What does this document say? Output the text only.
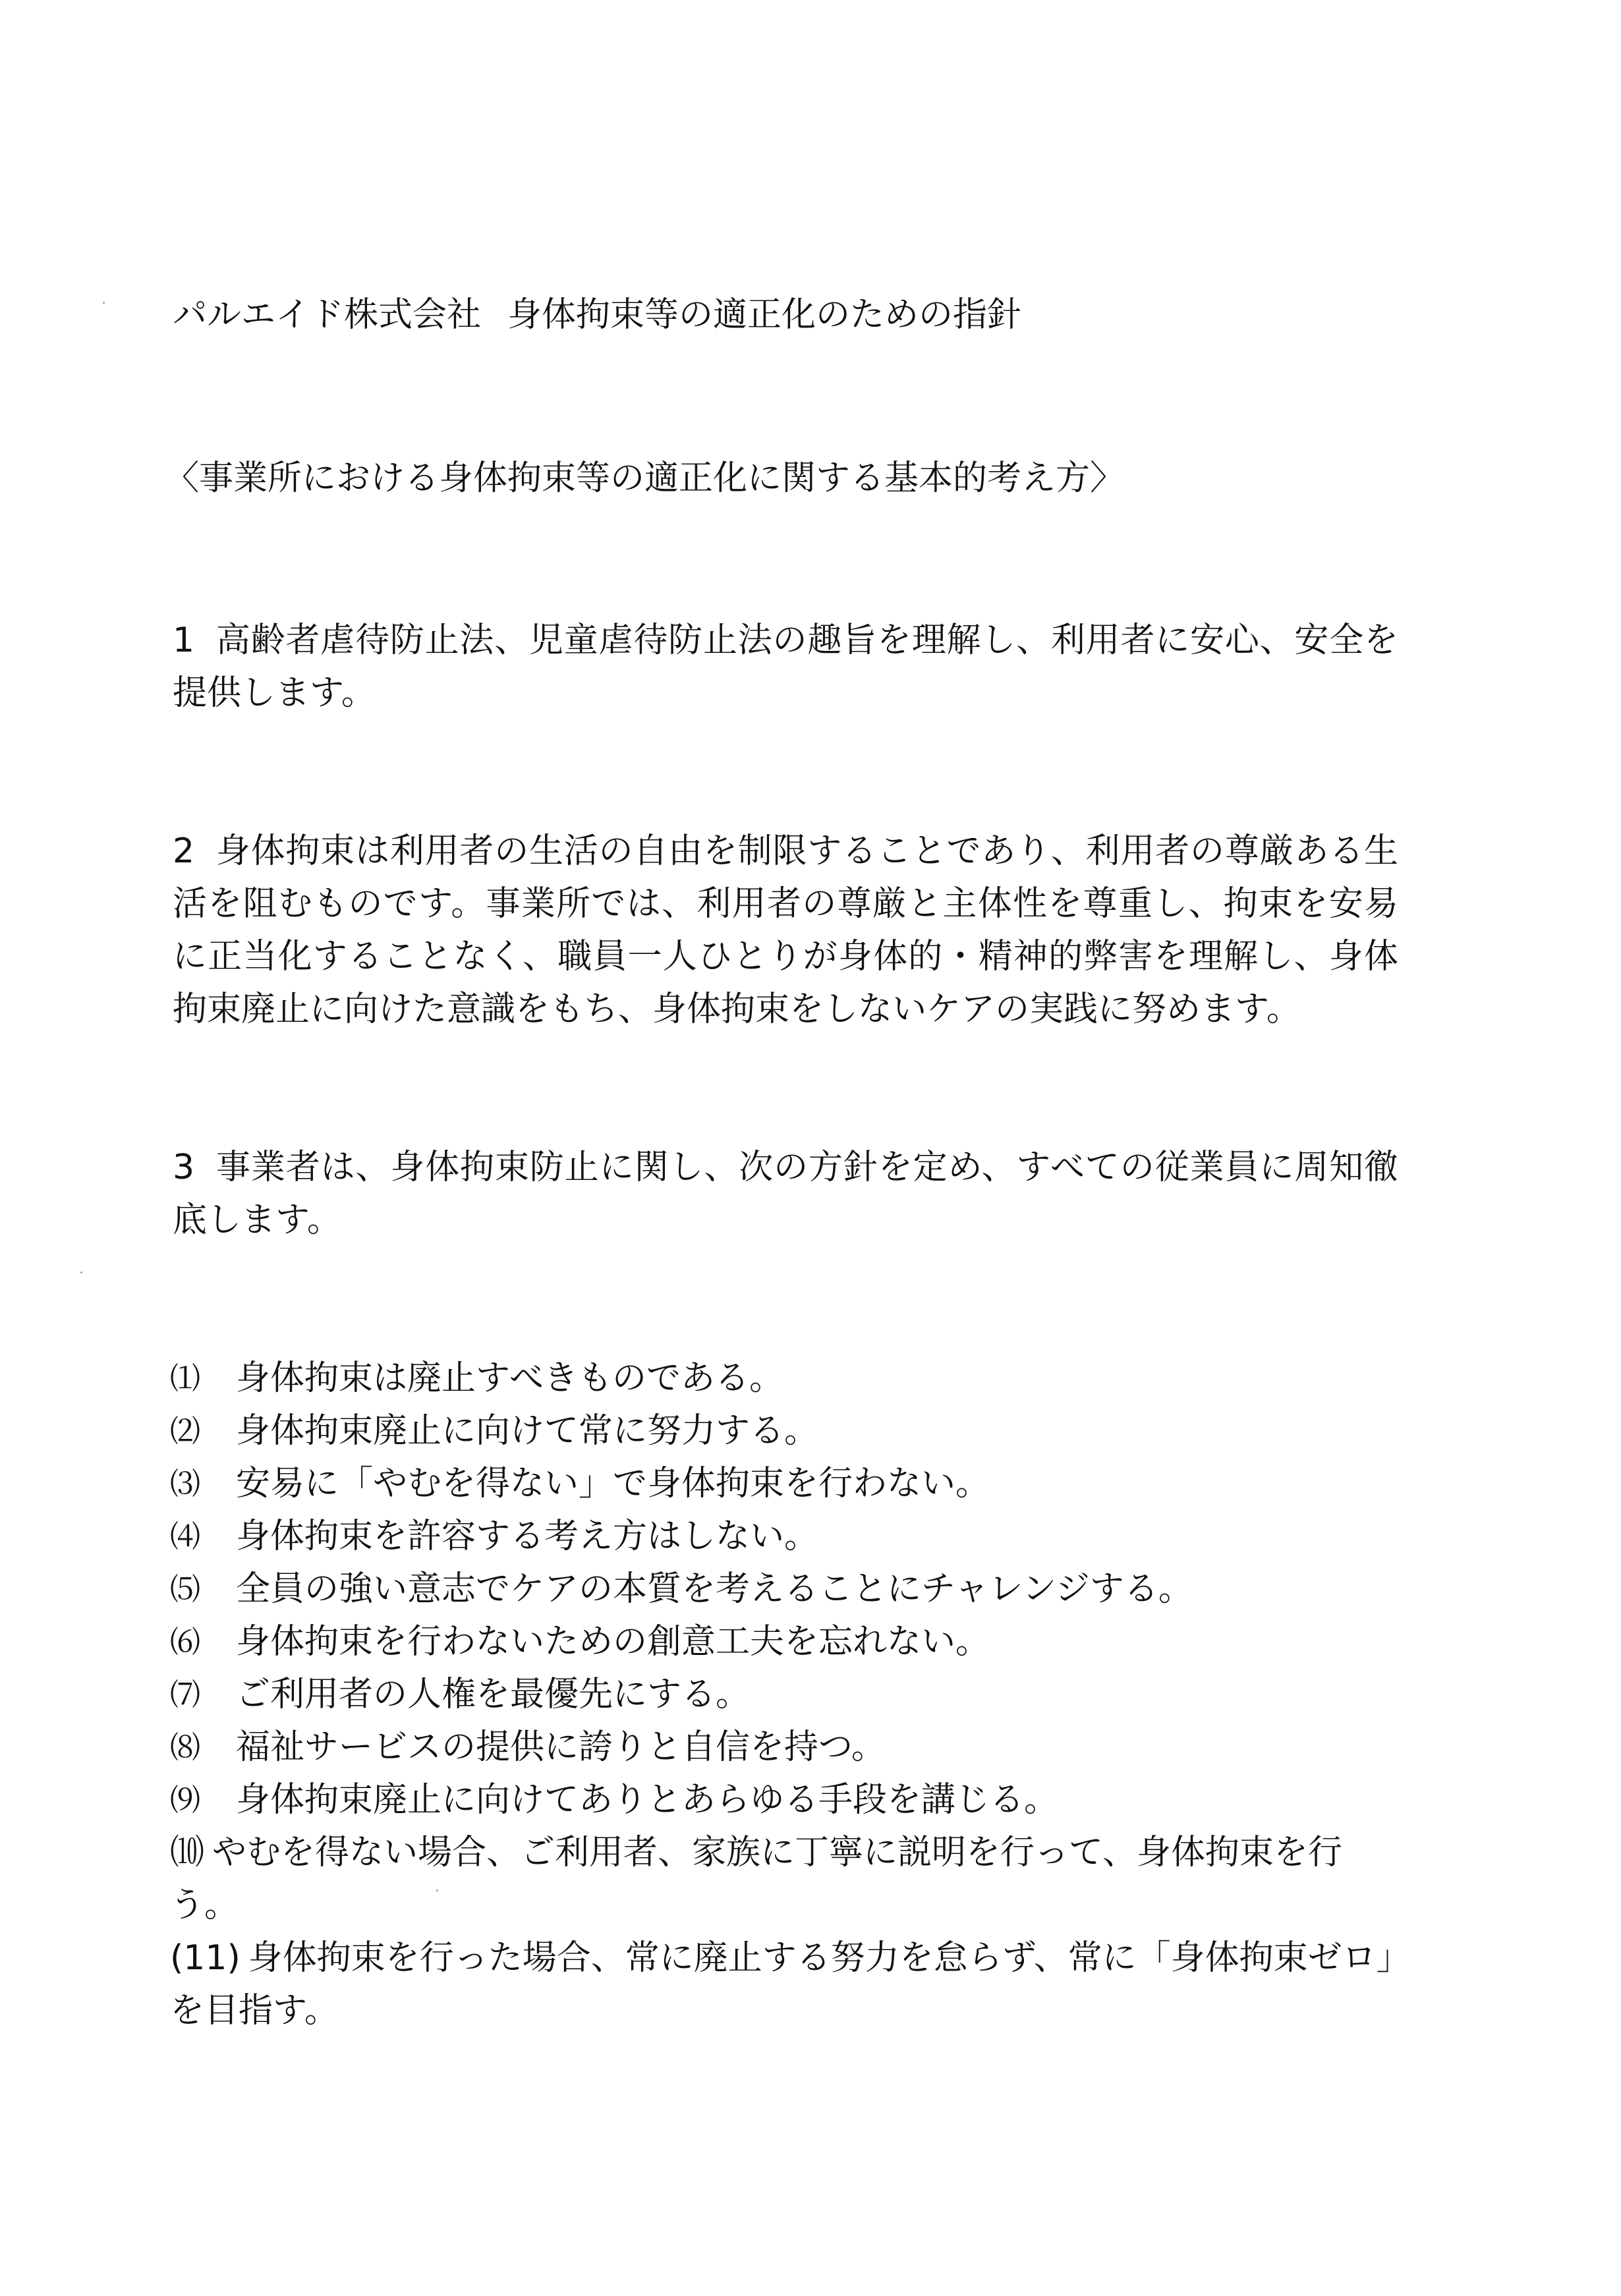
パルエイド株式会社 身体拘束等の適正化のための指針
〈事業所における身体拘束等の適正化に関する基本的考え方〉

1 高齢者虐待防止法、児童虐待防止法の趣旨を理解し、利用者に安心、安全を提供します。

2 身体拘束は利用者の生活の自由を制限することであり、利用者の尊厳ある生活を阻むものです。事業所では、利用者の尊厳と主体性を尊重し、拘束を安易に正当化することなく、職員一人ひとりが身体的・精神的弊害を理解し、身体拘束廃止に向けた意識をもち、身体拘束をしないケアの実践に努めます。

3 事業者は、身体拘束防止に関し、次の方針を定め、すべての従業員に周知徹底します。

⑴	身体拘束は廃止すべきものである。
⑵	身体拘束廃止に向けて常に努力する。
⑶	安易に「やむを得ない」で身体拘束を行わない。
⑷	身体拘束を許容する考え方はしない。
⑸	全員の強い意志でケアの本質を考えることにチャレンジする。
⑹	身体拘束を行わないための創意工夫を忘れない。
⑺	ご利用者の人権を最優先にする。
⑻	福祉サービスの提供に誇りと自信を持つ。
⑼	身体拘束廃止に向けてありとあらゆる手段を講じる。
⑽ やむを得ない場合、ご利用者、家族に丁寧に説明を行って、身体拘束を行う。
(11) 身体拘束を行った場合、常に廃止する努力を怠らず、常に「身体拘束ゼロ」を目指す。
